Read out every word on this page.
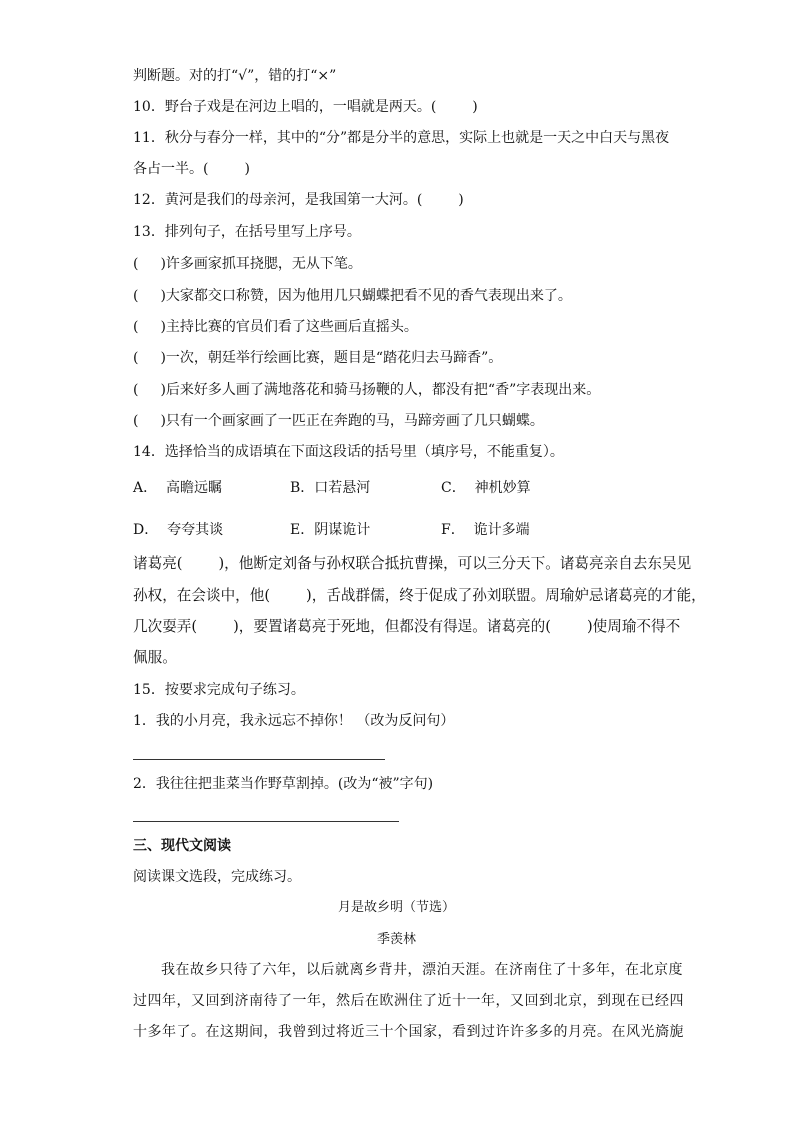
判断题。对的打“√”，错的打“×”
10．野台子戏是在河边上唱的，一唱就是两天。(	)
11．秋分与春分一样，其中的“分”都是分半的意思，实际上也就是一天之中白天与黑夜
各占一半。(	)
12．黄河是我们的母亲河，是我国第一大河。(	)
13．排列句子，在括号里写上序号。
( )许多画家抓耳挠腮，无从下笔。
( )大家都交口称赞，因为他用几只蝴蝶把看不见的香气表现出来了。
( )主持比赛的官员们看了这些画后直摇头。
( )一次，朝廷举行绘画比赛，题目是“踏花归去马蹄香”。
( )后来好多人画了满地落花和骑马扬鞭的人，都没有把“香”字表现出来。
( )只有一个画家画了一匹正在奔跑的马，马蹄旁画了几只蝴蝶。
14．选择恰当的成语填在下面这段话的括号里（填序号，不能重复）。
A． 高瞻远瞩	B．口若悬河	C． 神机妙算
D． 夸夸其谈	E．阴谋诡计	F． 诡计多端
诸葛亮( )，他断定刘备与孙权联合抵抗曹操，可以三分天下。诸葛亮亲自去东吴见
孙权，在会谈中，他( )，舌战群儒，终于促成了孙刘联盟。周瑜妒忌诸葛亮的才能，
几次耍弄( )，要置诸葛亮于死地，但都没有得逞。诸葛亮的( )使周瑜不得不
佩服。
15．按要求完成句子练习。
1．我的小月亮，我永远忘不掉你！ （改为反问句）
2．我往往把韭菜当作野草割掉。(改为“被”字句)
三、现代文阅读
阅读课文选段，完成练习。
月是故乡明（节选）
季羡林
我在故乡只待了六年，以后就离乡背井，漂泊天涯。在济南住了十多年，在北京度
过四年，又回到济南待了一年，然后在欧洲住了近十一年，又回到北京，到现在已经四
十多年了。在这期间，我曾到过将近三十个国家，看到过许许多多的月亮。在风光旖旎
